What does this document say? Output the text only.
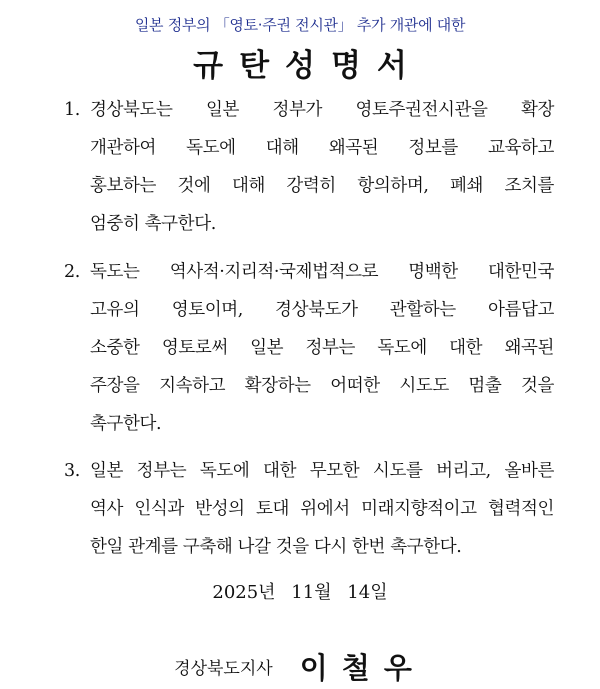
일본 정부의 「영토·주권 전시관」 추가 개관에 대한
규탄성명서
1. 경상북도는 일본 정부가 영토주권전시관을 확장
개관하여 독도에 대해 왜곡된 정보를 교육하고
홍보하는 것에 대해 강력히 항의하며, 폐쇄 조치를
엄중히 촉구한다.
2. 독도는 역사적·지리적·국제법적으로 명백한 대한민국
고유의 영토이며, 경상북도가 관할하는 아름답고
소중한 영토로써 일본 정부는 독도에 대한 왜곡된
주장을 지속하고 확장하는 어떠한 시도도 멈출 것을
촉구한다.
3. 일본 정부는 독도에 대한 무모한 시도를 버리고, 올바른
역사 인식과 반성의 토대 위에서 미래지향적이고 협력적인
한일 관계를 구축해 나갈 것을 다시 한번 촉구한다.
2025년 11월 14일
경상북도지사 이철우
